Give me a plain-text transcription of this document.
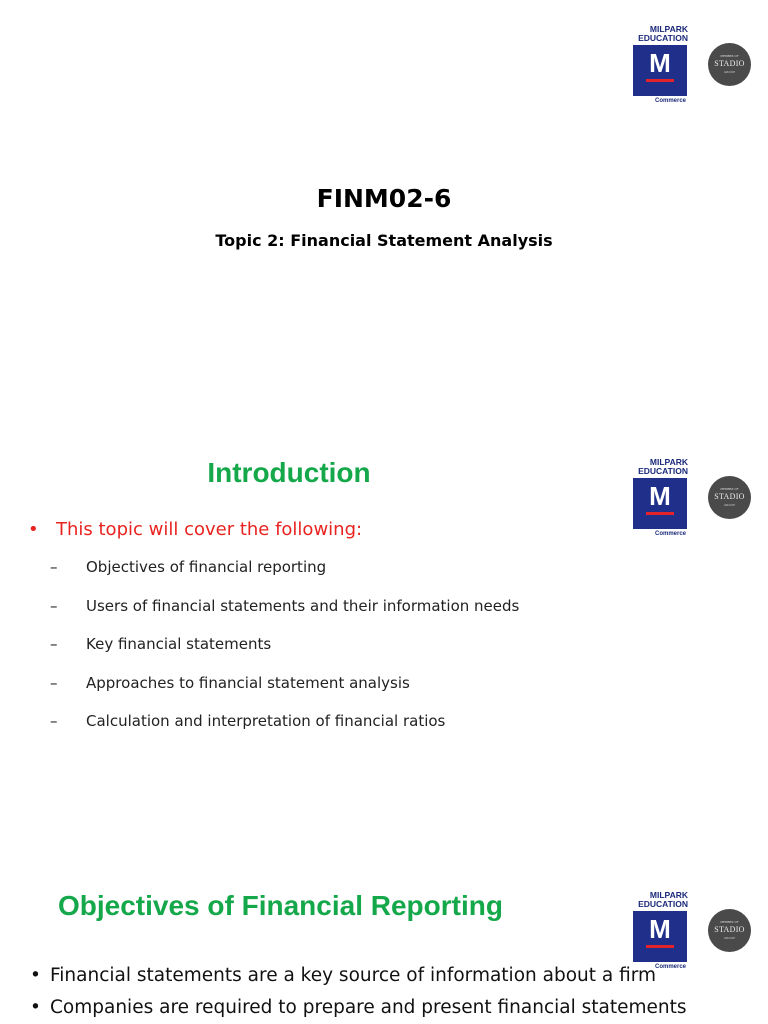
MILPARK
EDUCATION
M
Commerce
MEMBER OF
STADIO
GROUP
FINM02-6
Topic 2: Financial Statement Analysis
MILPARK
EDUCATION
M
Commerce
MEMBER OF
STADIO
GROUP
Introduction
• This topic will cover the following:
– Objectives of financial reporting
– Users of financial statements and their information needs
– Key financial statements
– Approaches to financial statement analysis
– Calculation and interpretation of financial ratios
MILPARK
EDUCATION
M
Commerce
MEMBER OF
STADIO
GROUP
Objectives of Financial Reporting
• Financial statements are a key source of information about a firm
• Companies are required to prepare and present financial statements
